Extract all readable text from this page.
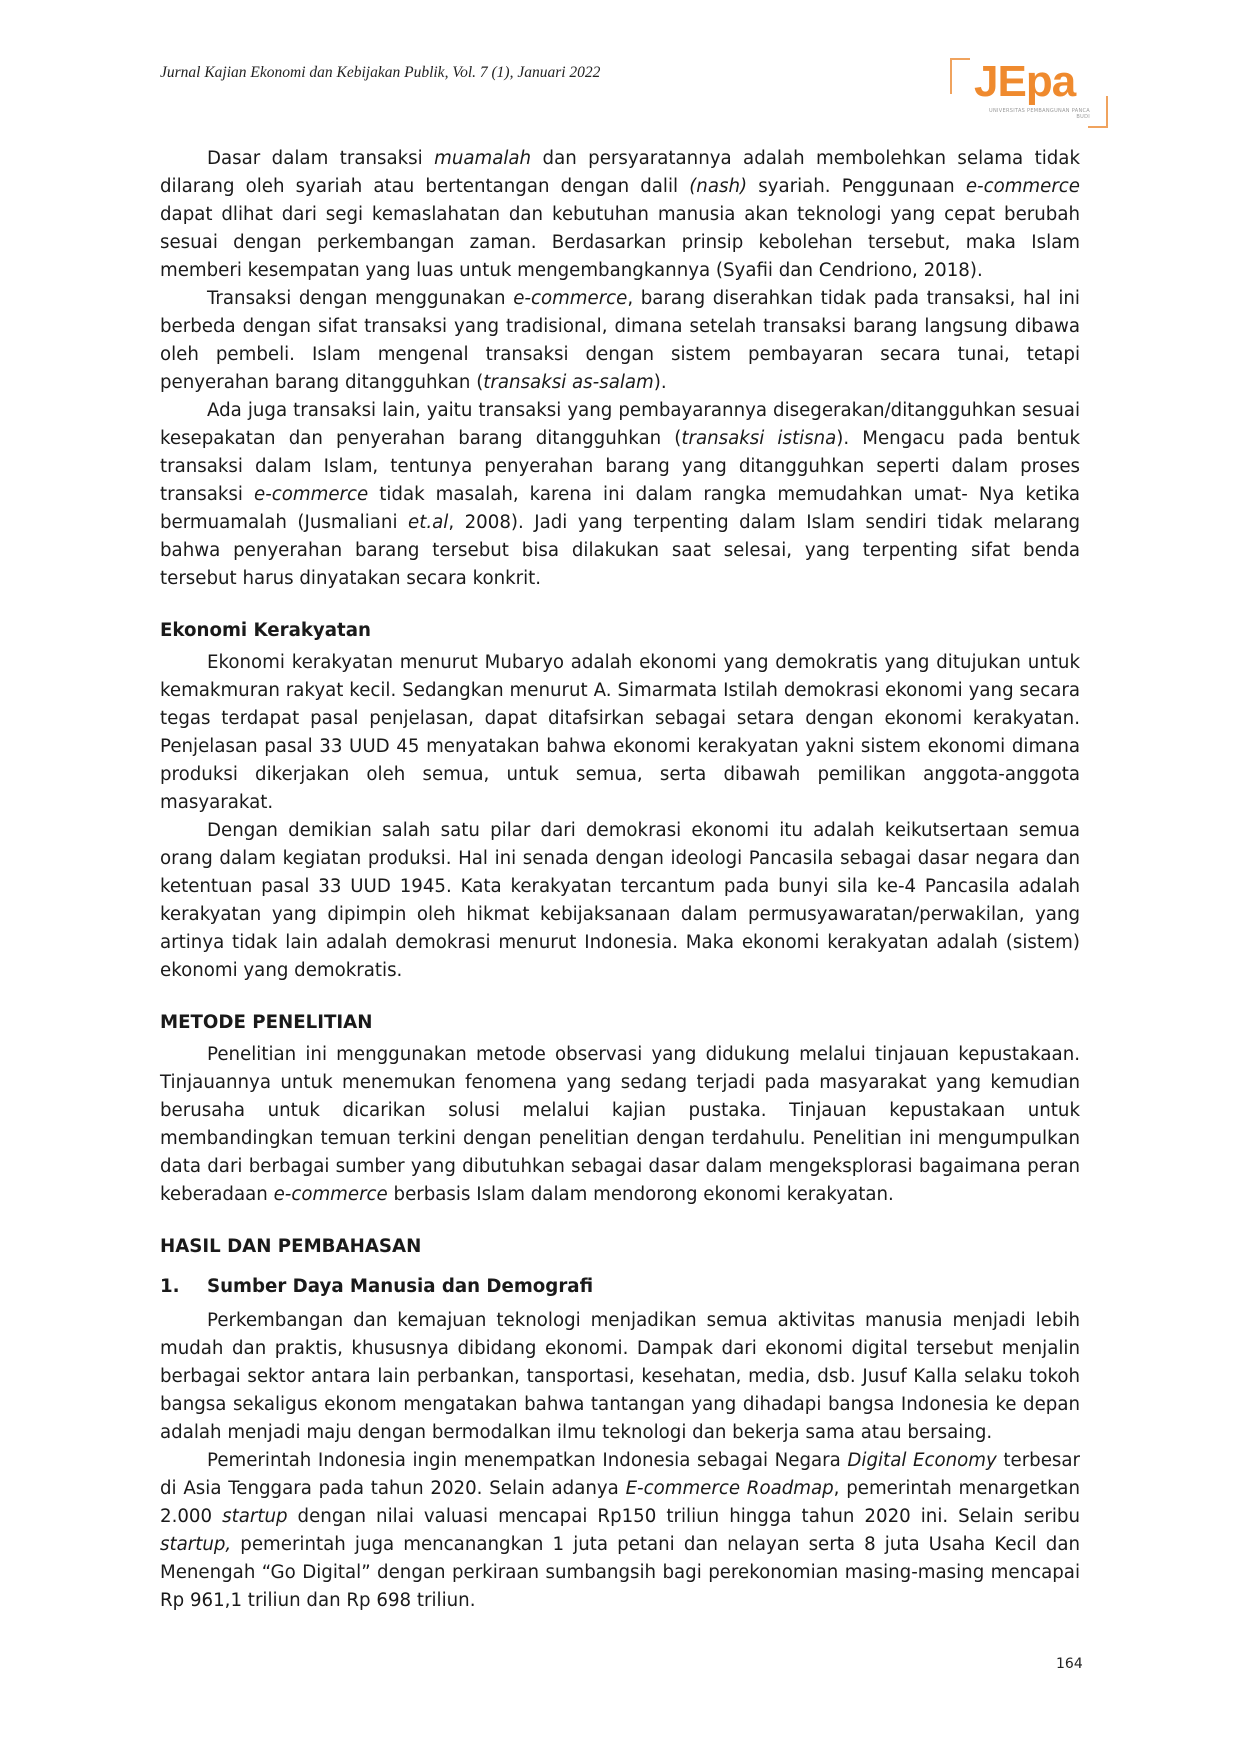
Jurnal Kajian Ekonomi dan Kebijakan Publik, Vol. 7 (1), Januari 2022	JEpa
UNIVERSITAS PEMBANGUNAN PANCA BUDI

Dasar dalam transaksi muamalah dan persyaratannya adalah membolehkan selama tidak dilarang oleh syariah atau bertentangan dengan dalil (nash) syariah. Penggunaan e-commerce dapat dlihat dari segi kemaslahatan dan kebutuhan manusia akan teknologi yang cepat berubah sesuai dengan perkembangan zaman. Berdasarkan prinsip kebolehan tersebut, maka Islam memberi kesempatan yang luas untuk mengembangkannya (Syafii dan Cendriono, 2018).

Transaksi dengan menggunakan e-commerce, barang diserahkan tidak pada transaksi, hal ini berbeda dengan sifat transaksi yang tradisional, dimana setelah transaksi barang langsung dibawa oleh pembeli. Islam mengenal transaksi dengan sistem pembayaran secara tunai, tetapi penyerahan barang ditangguhkan (transaksi as-salam).

Ada juga transaksi lain, yaitu transaksi yang pembayarannya disegerakan/ditangguhkan sesuai kesepakatan dan penyerahan barang ditangguhkan (transaksi istisna). Mengacu pada bentuk transaksi dalam Islam, tentunya penyerahan barang yang ditangguhkan seperti dalam proses transaksi e-commerce tidak masalah, karena ini dalam rangka memudahkan umat- Nya ketika bermuamalah (Jusmaliani et.al, 2008). Jadi yang terpenting dalam Islam sendiri tidak melarang bahwa penyerahan barang tersebut bisa dilakukan saat selesai, yang terpenting sifat benda tersebut harus dinyatakan secara konkrit.

Ekonomi Kerakyatan

Ekonomi kerakyatan menurut Mubaryo adalah ekonomi yang demokratis yang ditujukan untuk kemakmuran rakyat kecil. Sedangkan menurut A. Simarmata Istilah demokrasi ekonomi yang secara tegas terdapat pasal penjelasan, dapat ditafsirkan sebagai setara dengan ekonomi kerakyatan. Penjelasan pasal 33 UUD 45 menyatakan bahwa ekonomi kerakyatan yakni sistem ekonomi dimana produksi dikerjakan oleh semua, untuk semua, serta dibawah pemilikan anggota-anggota masyarakat.

Dengan demikian salah satu pilar dari demokrasi ekonomi itu adalah keikutsertaan semua orang dalam kegiatan produksi. Hal ini senada dengan ideologi Pancasila sebagai dasar negara dan ketentuan pasal 33 UUD 1945. Kata kerakyatan tercantum pada bunyi sila ke-4 Pancasila adalah kerakyatan yang dipimpin oleh hikmat kebijaksanaan dalam permusyawaratan/perwakilan, yang artinya tidak lain adalah demokrasi menurut Indonesia. Maka ekonomi kerakyatan adalah (sistem) ekonomi yang demokratis.

METODE PENELITIAN

Penelitian ini menggunakan metode observasi yang didukung melalui tinjauan kepustakaan. Tinjauannya untuk menemukan fenomena yang sedang terjadi pada masyarakat yang kemudian berusaha untuk dicarikan solusi melalui kajian pustaka. Tinjauan kepustakaan untuk membandingkan temuan terkini dengan penelitian dengan terdahulu. Penelitian ini mengumpulkan data dari berbagai sumber yang dibutuhkan sebagai dasar dalam mengeksplorasi bagaimana peran keberadaan e-commerce berbasis Islam dalam mendorong ekonomi kerakyatan.

HASIL DAN PEMBAHASAN
1. Sumber Daya Manusia dan Demografi

Perkembangan dan kemajuan teknologi menjadikan semua aktivitas manusia menjadi lebih mudah dan praktis, khususnya dibidang ekonomi. Dampak dari ekonomi digital tersebut menjalin berbagai sektor antara lain perbankan, tansportasi, kesehatan, media, dsb. Jusuf Kalla selaku tokoh bangsa sekaligus ekonom mengatakan bahwa tantangan yang dihadapi bangsa Indonesia ke depan adalah menjadi maju dengan bermodalkan ilmu teknologi dan bekerja sama atau bersaing.

Pemerintah Indonesia ingin menempatkan Indonesia sebagai Negara Digital Economy terbesar di Asia Tenggara pada tahun 2020. Selain adanya E-commerce Roadmap, pemerintah menargetkan 2.000 startup dengan nilai valuasi mencapai Rp150 triliun hingga tahun 2020 ini. Selain seribu startup, pemerintah juga mencanangkan 1 juta petani dan nelayan serta 8 juta Usaha Kecil dan Menengah “Go Digital” dengan perkiraan sumbangsih bagi perekonomian masing-masing mencapai Rp 961,1 triliun dan Rp 698 triliun.

164
